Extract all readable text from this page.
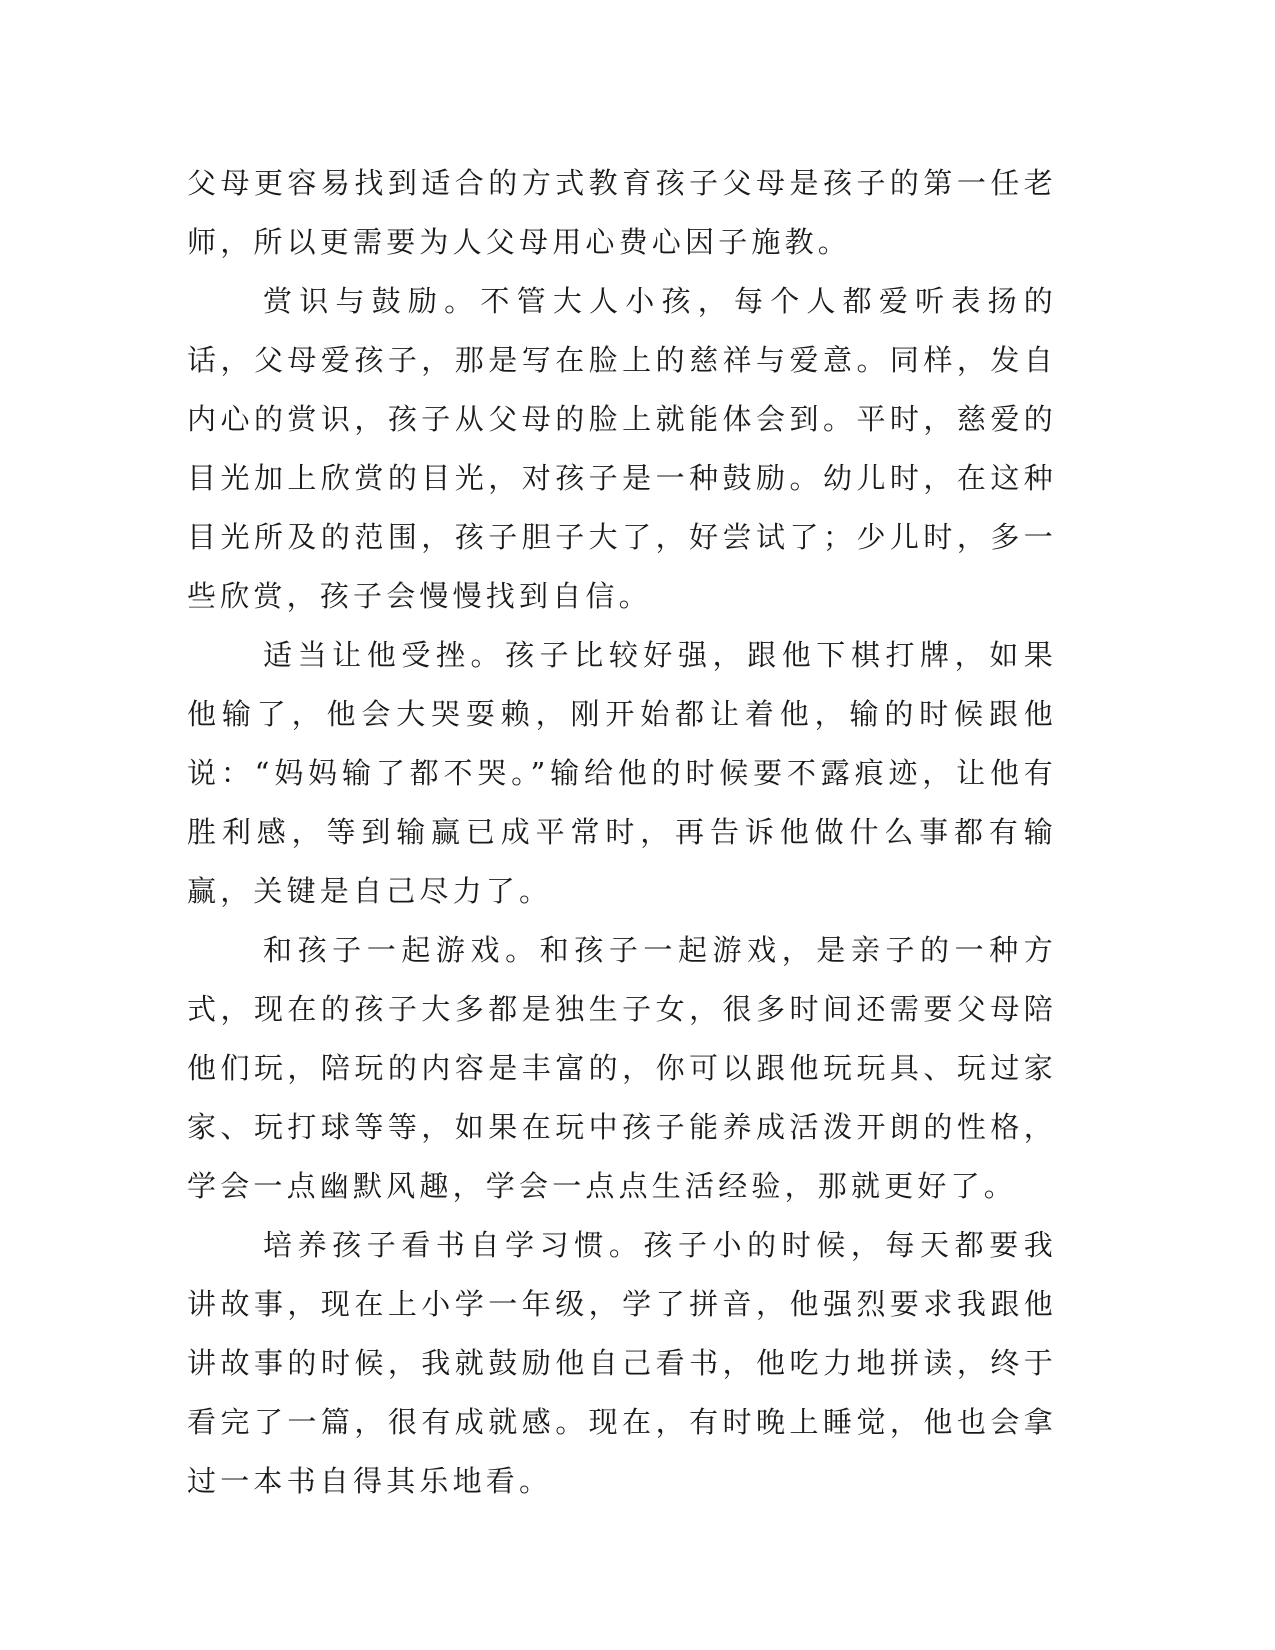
父母更容易找到适合的方式教育孩子父母是孩子的第一任老师，所以更需要为人父母用心费心因子施教。

赏识与鼓励。不管大人小孩，每个人都爱听表扬的话，父母爱孩子，那是写在脸上的慈祥与爱意。同样，发自内心的赏识，孩子从父母的脸上就能体会到。平时，慈爱的目光加上欣赏的目光，对孩子是一种鼓励。幼儿时，在这种目光所及的范围，孩子胆子大了，好尝试了；少儿时，多一些欣赏，孩子会慢慢找到自信。

适当让他受挫。孩子比较好强，跟他下棋打牌，如果他输了，他会大哭耍赖，刚开始都让着他，输的时候跟他说：“妈妈输了都不哭。”输给他的时候要不露痕迹，让他有胜利感，等到输赢已成平常时，再告诉他做什么事都有输赢，关键是自己尽力了。

和孩子一起游戏。和孩子一起游戏，是亲子的一种方式，现在的孩子大多都是独生子女，很多时间还需要父母陪他们玩，陪玩的内容是丰富的，你可以跟他玩玩具、玩过家家、玩打球等等，如果在玩中孩子能养成活泼开朗的性格，学会一点幽默风趣，学会一点点生活经验，那就更好了。

培养孩子看书自学习惯。孩子小的时候，每天都要我讲故事，现在上小学一年级，学了拼音，他强烈要求我跟他讲故事的时候，我就鼓励他自己看书，他吃力地拼读，终于看完了一篇，很有成就感。现在，有时晚上睡觉，他也会拿过一本书自得其乐地看。
